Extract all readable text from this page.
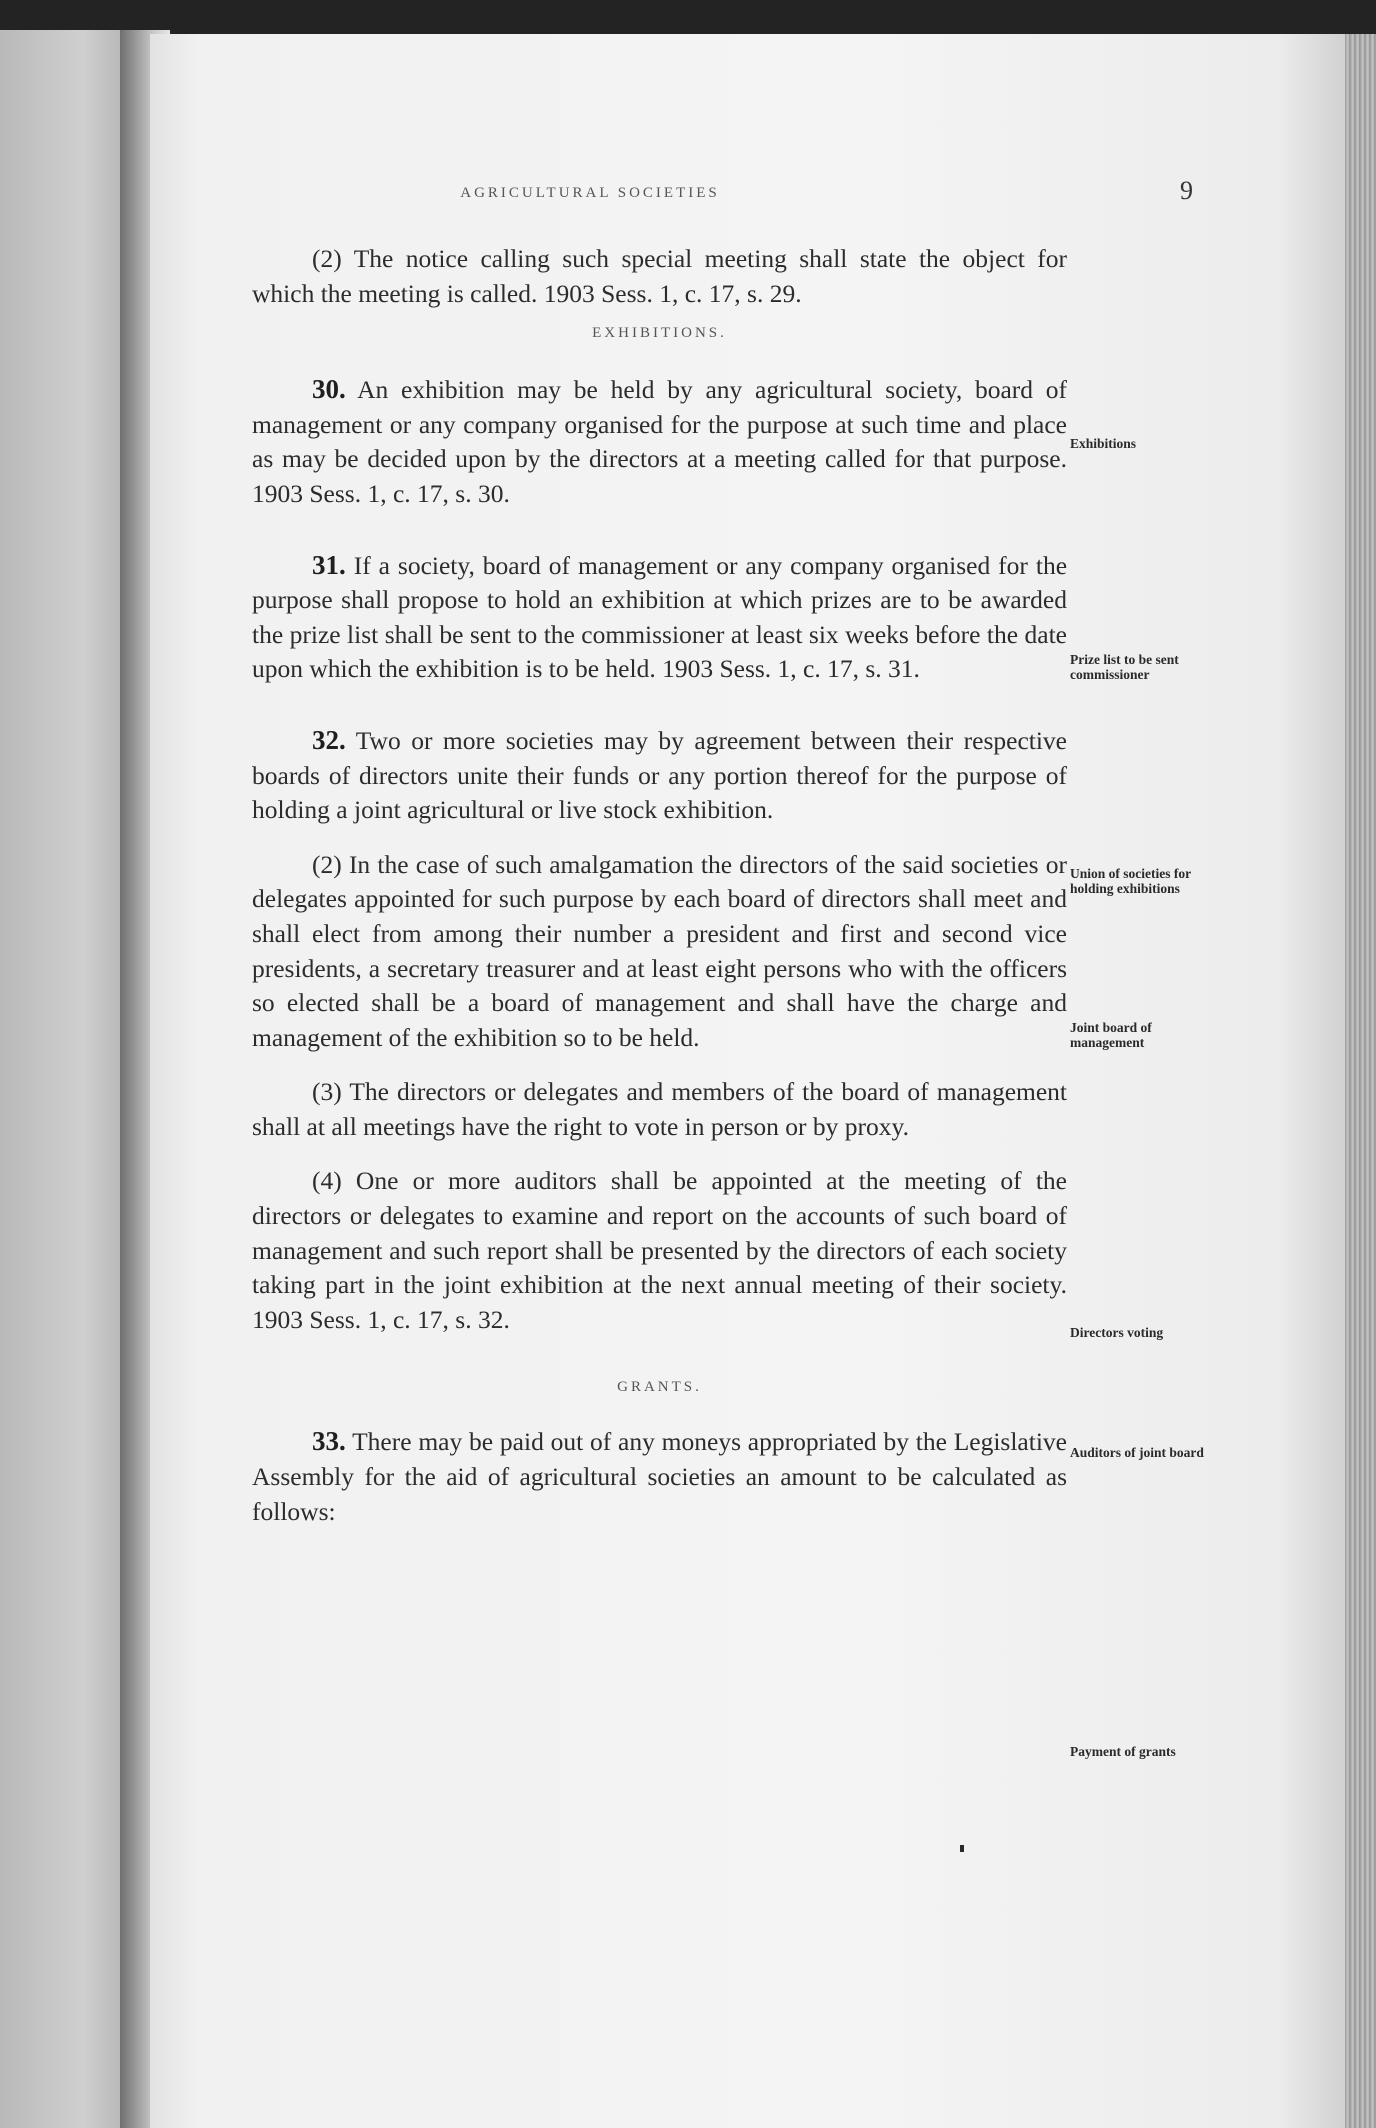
AGRICULTURAL SOCIETIES	9

(2) The notice calling such special meeting shall state the object for which the meeting is called. 1903 Sess. 1, c. 17, s. 29.

EXHIBITIONS.

30. An exhibition may be held by any agricultural society, board of management or any company organised for the purpose at such time and place as may be decided upon by the directors at a meeting called for that purpose. 1903 Sess. 1, c. 17, s. 30.

31. If a society, board of management or any company organised for the purpose shall propose to hold an exhibition at which prizes are to be awarded the prize list shall be sent to the commissioner at least six weeks before the date upon which the exhibition is to be held. 1903 Sess. 1, c. 17, s. 31.

32. Two or more societies may by agreement between their respective boards of directors unite their funds or any portion thereof for the purpose of holding a joint agricultural or live stock exhibition.

(2) In the case of such amalgamation the directors of the said societies or delegates appointed for such purpose by each board of directors shall meet and shall elect from among their number a president and first and second vice presidents, a secretary treasurer and at least eight persons who with the officers so elected shall be a board of management and shall have the charge and management of the exhibition so to be held.

(3) The directors or delegates and members of the board of management shall at all meetings have the right to vote in person or by proxy.

(4) One or more auditors shall be appointed at the meeting of the directors or delegates to examine and report on the accounts of such board of management and such report shall be presented by the directors of each society taking part in the joint exhibition at the next annual meeting of their society. 1903 Sess. 1, c. 17, s. 32.

GRANTS.

33. There may be paid out of any moneys appropriated by the Legislative Assembly for the aid of agricultural societies an amount to be calculated as follows:

Exhibitions
Prize list to be sent commissioner
Union of societies for holding exhibitions
Joint board of management
Directors voting
Auditors of joint board
Payment of grants
